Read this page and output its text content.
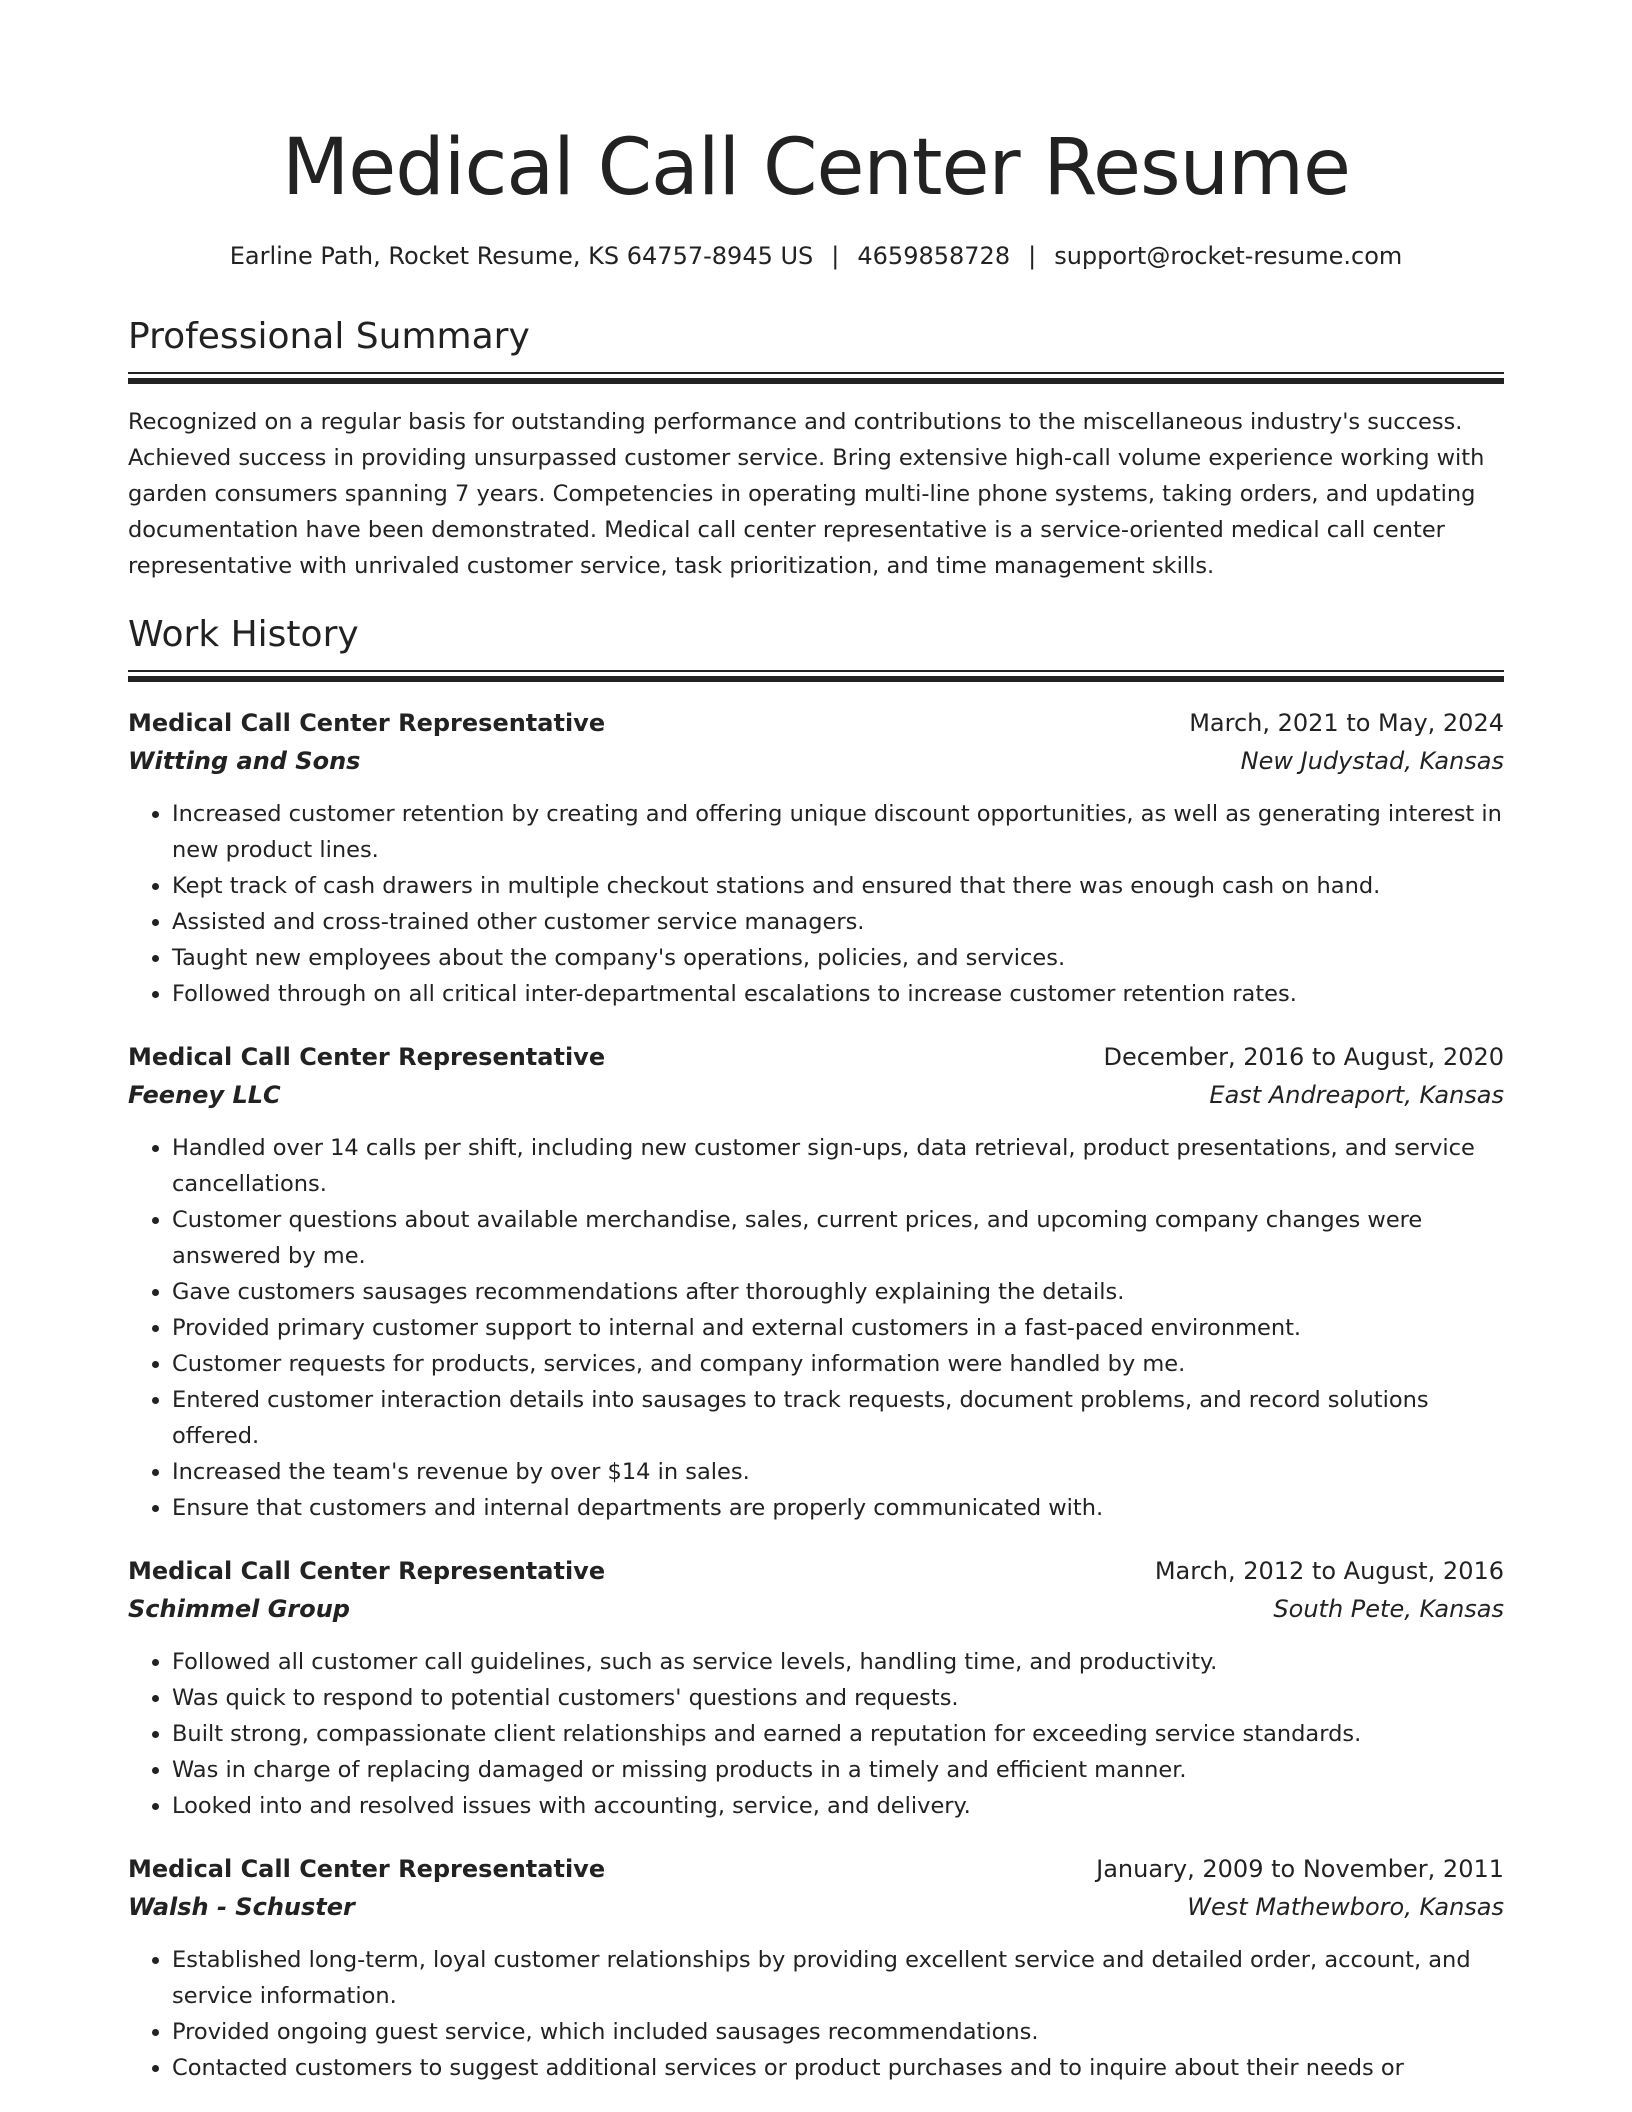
Medical Call Center Resume
Earline Path, Rocket Resume, KS 64757-8945 US | 4659858728 | support@rocket-resume.com
Professional Summary

Recognized on a regular basis for outstanding performance and contributions to the miscellaneous industry's success. Achieved success in providing unsurpassed customer service. Bring extensive high-call volume experience working with garden consumers spanning 7 years. Competencies in operating multi-line phone systems, taking orders, and updating documentation have been demonstrated. Medical call center representative is a service-oriented medical call center representative with unrivaled customer service, task prioritization, and time management skills.

Work History
Medical Call Center Representative	March, 2021 to May, 2024
Witting and Sons	New Judystad, Kansas
• Increased customer retention by creating and offering unique discount opportunities, as well as generating interest in new product lines.
• Kept track of cash drawers in multiple checkout stations and ensured that there was enough cash on hand.
• Assisted and cross-trained other customer service managers.
• Taught new employees about the company's operations, policies, and services.
• Followed through on all critical inter-departmental escalations to increase customer retention rates.
Medical Call Center Representative	December, 2016 to August, 2020
Feeney LLC	East Andreaport, Kansas
• Handled over 14 calls per shift, including new customer sign-ups, data retrieval, product presentations, and service cancellations.
• Customer questions about available merchandise, sales, current prices, and upcoming company changes were answered by me.
• Gave customers sausages recommendations after thoroughly explaining the details.
• Provided primary customer support to internal and external customers in a fast-paced environment.
• Customer requests for products, services, and company information were handled by me.
• Entered customer interaction details into sausages to track requests, document problems, and record solutions offered.
• Increased the team's revenue by over $14 in sales.
• Ensure that customers and internal departments are properly communicated with.
Medical Call Center Representative	March, 2012 to August, 2016
Schimmel Group	South Pete, Kansas
• Followed all customer call guidelines, such as service levels, handling time, and productivity.
• Was quick to respond to potential customers' questions and requests.
• Built strong, compassionate client relationships and earned a reputation for exceeding service standards.
• Was in charge of replacing damaged or missing products in a timely and efficient manner.
• Looked into and resolved issues with accounting, service, and delivery.
Medical Call Center Representative	January, 2009 to November, 2011
Walsh - Schuster	West Mathewboro, Kansas
• Established long-term, loyal customer relationships by providing excellent service and detailed order, account, and service information.
• Provided ongoing guest service, which included sausages recommendations.
• Contacted customers to suggest additional services or product purchases and to inquire about their needs or
